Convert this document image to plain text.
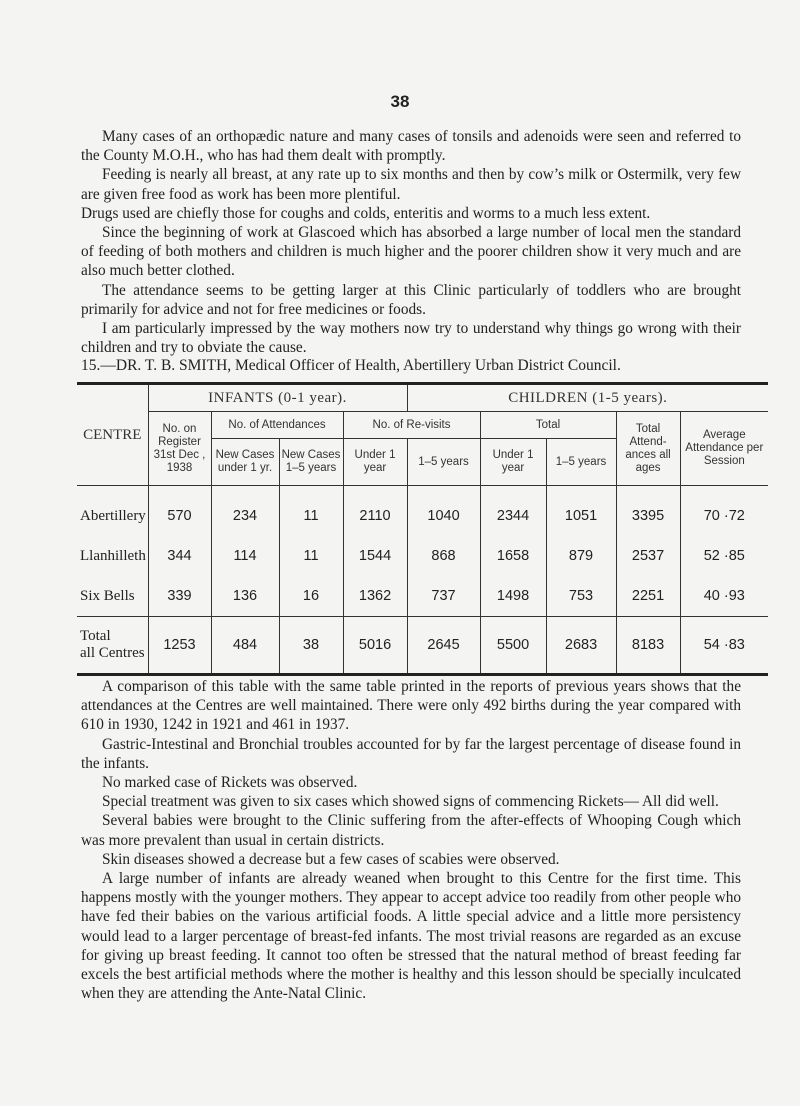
38

Many cases of an orthopædic nature and many cases of tonsils and adenoids were seen and referred to the County M.O.H., who has had them dealt with promptly.

Feeding is nearly all breast, at any rate up to six months and then by cow’s milk or Ostermilk, very few are given free food as work has been more plentiful.

Drugs used are chiefly those for coughs and colds, enteritis and worms to a much less extent.

Since the beginning of work at Glascoed which has absorbed a large number of local men the standard of feeding of both mothers and children is much higher and the poorer children show it very much and are also much better clothed.

The attendance seems to be getting larger at this Clinic particularly of toddlers who are brought primarily for advice and not for free medicines or foods.

I am particularly impressed by the way mothers now try to understand why things go wrong with their children and try to obviate the cause.

15.—DR. T. B. SMITH, Medical Officer of Health, Abertillery Urban District Council.
CENTRE	INFANTS (0-1 year).				CHILDREN (1-5 years).				
	No. on Register 31st Dec , 1938	No. of Attendances		No. of Re-visits		Total		Total Attend-ances all ages	Average Attendance per Session
		New Cases under 1 yr.	New Cases 1–5 years	Under 1 year	1–5 years	Under 1 year	1–5 years		
Abertillery	570	234	11	2110	1040	2344	1051	3395	70 ·72
Llanhilleth	344	114	11	1544	868	1658	879	2537	52 ·85
Six Bells	339	136	16	1362	737	1498	753	2251	40 ·93
Total
all Centres	1253	484	38	5016	2645	5500	2683	8183	54 ·83

A comparison of this table with the same table printed in the reports of previous years shows that the attendances at the Centres are well maintained. There were only 492 births during the year compared with 610 in 1930, 1242 in 1921 and 461 in 1937.

Gastric-Intestinal and Bronchial troubles accounted for by far the largest percentage of disease found in the infants.

No marked case of Rickets was observed.

Special treatment was given to six cases which showed signs of commencing Rickets— All did well.

Several babies were brought to the Clinic suffering from the after-effects of Whooping Cough which was more prevalent than usual in certain districts.

Skin diseases showed a decrease but a few cases of scabies were observed.

A large number of infants are already weaned when brought to this Centre for the first time. This happens mostly with the younger mothers. They appear to accept advice too readily from other people who have fed their babies on the various artificial foods. A little special advice and a little more persistency would lead to a larger percentage of breast-fed infants. The most trivial reasons are regarded as an excuse for giving up breast feeding. It cannot too often be stressed that the natural method of breast feeding far excels the best artificial methods where the mother is healthy and this lesson should be specially inculcated when they are attending the Ante-Natal Clinic.
